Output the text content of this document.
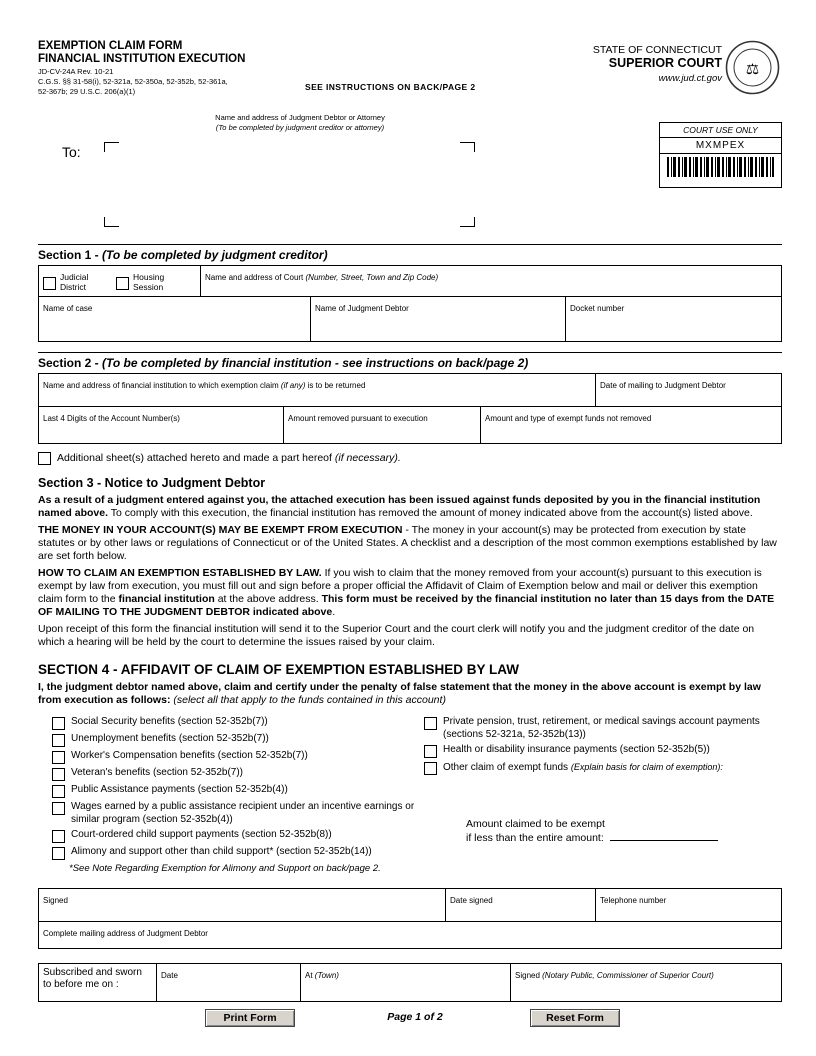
EXEMPTION CLAIM FORM
FINANCIAL INSTITUTION EXECUTION
JD-CV-24A Rev. 10-21
C.G.S. §§ 31-58(i), 52-321a, 52-350a, 52-352b, 52-361a,
52-367b; 29 U.S.C. 206(a)(1)	SEE INSTRUCTIONS ON BACK/PAGE 2
STATE OF CONNECTICUT
SUPERIOR COURT
www.jud.ct.gov
⚖
COURT USE ONLY
MXMPEX
Name and address of Judgment Debtor or Attorney
(To be completed by judgment creditor or attorney)
To:
Section 1 - (To be completed by judgment creditor)
Judicial District
Housing Session
Name and address of Court (Number, Street, Town and Zip Code)
Name of case	Name of Judgment Debtor	Docket number
Section 2 - (To be completed by financial institution - see instructions on back/page 2)
Name and address of financial institution to which exemption claim (if any) is to be returned	Date of mailing to Judgment Debtor
Last 4 Digits of the Account Number(s)	Amount removed pursuant to execution	Amount and type of exempt funds not removed
Additional sheet(s) attached hereto and made a part hereof (if necessary).
Section 3 - Notice to Judgment Debtor
As a result of a judgment entered against you, the attached execution has been issued against funds deposited by you in the financial institution named above. To comply with this execution, the financial institution has removed the amount of money indicated above from the account(s) listed above.
THE MONEY IN YOUR ACCOUNT(S) MAY BE EXEMPT FROM EXECUTION - The money in your account(s) may be protected from execution by state statutes or by other laws or regulations of Connecticut or of the United States. A checklist and a description of the most common exemptions established by law are set forth below.
HOW TO CLAIM AN EXEMPTION ESTABLISHED BY LAW. If you wish to claim that the money removed from your account(s) pursuant to this execution is exempt by law from execution, you must fill out and sign before a proper official the Affidavit of Claim of Exemption below and mail or deliver this exemption claim form to the financial institution at the above address. This form must be received by the financial institution no later than 15 days from the DATE OF MAILING TO THE JUDGMENT DEBTOR indicated above.
Upon receipt of this form the financial institution will send it to the Superior Court and the court clerk will notify you and the judgment creditor of the date on which a hearing will be held by the court to determine the issues raised by your claim.
SECTION 4 - AFFIDAVIT OF CLAIM OF EXEMPTION ESTABLISHED BY LAW
I, the judgment debtor named above, claim and certify under the penalty of false statement that the money in the above account is exempt by law from execution as follows: (select all that apply to the funds contained in this account)
Social Security benefits (section 52-352b(7))
Unemployment benefits (section 52-352b(7))
Worker's Compensation benefits (section 52-352b(7))
Veteran's benefits (section 52-352b(7))
Public Assistance payments (section 52-352b(4))
Wages earned by a public assistance recipient under an incentive earnings or similar program (section 52-352b(4))
Court-ordered child support payments (section 52-352b(8))
Alimony and support other than child support* (section 52-352b(14))
*See Note Regarding Exemption for Alimony and Support on back/page 2.
Private pension, trust, retirement, or medical savings account payments (sections 52-321a, 52-352b(13))
Health or disability insurance payments (section 52-352b(5))
Other claim of exempt funds (Explain basis for claim of exemption):
Amount claimed to be exempt
if less than the entire amount:
Signed	Date signed	Telephone number
Complete mailing address of Judgment Debtor
Subscribed and sworn to before me on :
Date	At (Town)	Signed (Notary Public, Commissioner of Superior Court)
Print Form	Page 1 of 2	Reset Form
